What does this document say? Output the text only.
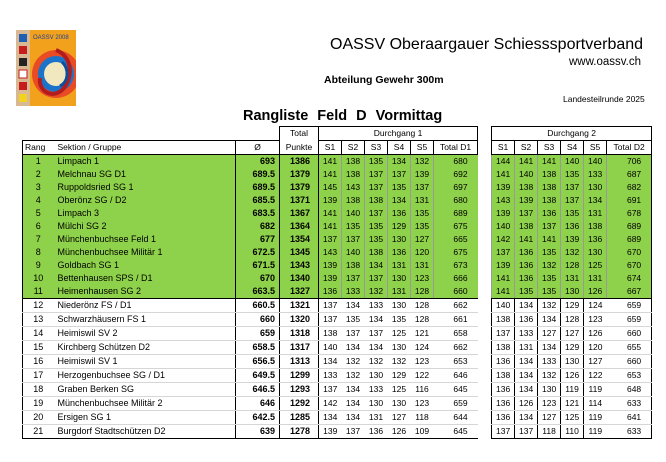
OASSV 2008	OASSV Oberaargauer Schiesssportverband
www.oassv.ch
Abteilung Gewehr 300m
Landesteilrunde 2025
Rangliste Feld D Vormittag
			Total	Durchgang 1							Durchgang 2					
Rang	Sektion / Gruppe	Ø	Punkte	S1	S2	S3	S4	S5	Total D1		S1	S2	S3	S4	S5	Total D2
1	Limpach 1	693	1386	141	138	135	134	132	680		144	141	141	140	140	706
2	Melchnau SG D1	689.5	1379	141	138	137	137	139	692		141	140	138	135	133	687
3	Ruppoldsried SG 1	689.5	1379	145	143	137	135	137	697		139	138	138	137	130	682
4	Oberönz SG / D2	685.5	1371	139	138	138	134	131	680		143	139	138	137	134	691
5	Limpach 3	683.5	1367	141	140	137	136	135	689		139	137	136	135	131	678
6	Mülchi SG 2	682	1364	141	135	135	129	135	675		140	138	137	136	138	689
7	Münchenbuchsee Feld 1	677	1354	137	137	135	130	127	665		142	141	141	139	136	689
8	Münchenbuchsee Militär 1	672.5	1345	143	140	138	136	120	675		137	136	135	132	130	670
9	Goldbach SG 1	671.5	1343	139	138	134	131	131	673		139	136	132	128	125	670
10	Bettenhausen SPS / D1	670	1340	139	137	137	130	123	666		141	136	135	131	131	674
11	Heimenhausen SG 2	663.5	1327	136	133	132	131	128	660		141	135	135	130	126	667
12	Niederönz FS / D1	660.5	1321	137	134	133	130	128	662		140	134	132	129	124	659
13	Schwarzhäusern FS 1	660	1320	137	135	134	135	128	661		138	136	134	128	123	659
14	Heimiswil SV 2	659	1318	138	137	137	125	121	658		137	133	127	127	126	660
15	Kirchberg Schützen D2	658.5	1317	140	134	134	130	124	662		138	131	134	129	120	655
16	Heimiswil SV 1	656.5	1313	134	132	132	132	123	653		136	134	133	130	127	660
17	Herzogenbuchsee SG / D1	649.5	1299	133	132	130	129	122	646		138	134	132	126	122	653
18	Graben Berken SG	646.5	1293	137	134	133	125	116	645		136	134	130	119	119	648
19	Münchenbuchsee Militär 2	646	1292	142	134	130	130	123	659		136	126	123	121	114	633
20	Ersigen SG 1	642.5	1285	134	134	131	127	118	644		136	134	127	125	119	641
21	Burgdorf Stadtschützen D2	639	1278	139	137	136	126	109	645		137	137	118	110	119	633
